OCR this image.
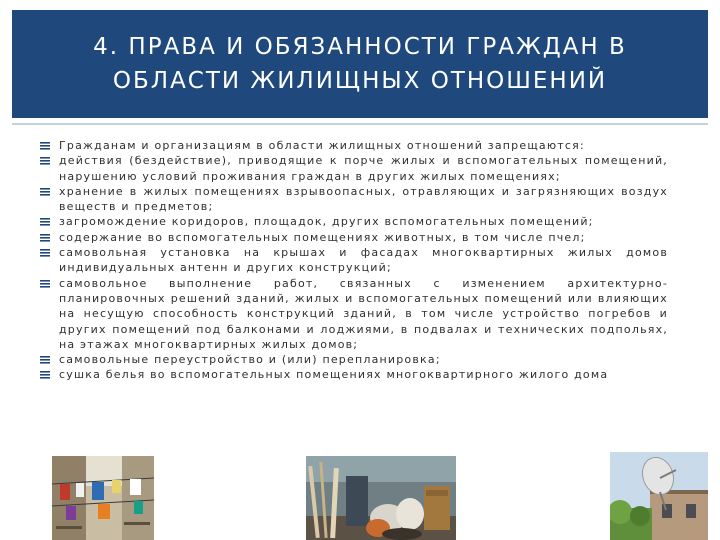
4. ПРАВА И ОБЯЗАННОСТИ ГРАЖДАН В
ОБЛАСТИ ЖИЛИЩНЫХ ОТНОШЕНИЙ
Гражданам и организациям в области жилищных отношений запрещаются:
действия (бездействие), приводящие к порче жилых и вспомогательных помещений, нарушению условий проживания граждан в других жилых помещениях;
хранение в жилых помещениях взрывоопасных, отравляющих и загрязняющих воздух веществ и предметов;
загромождение коридоров, площадок, других вспомогательных помещений;
содержание во вспомогательных помещениях животных, в том числе пчел;
самовольная установка на крышах и фасадах многоквартирных жилых домов индивидуальных антенн и других конструкций;
самовольное выполнение работ, связанных с изменением архитектурно-планировочных решений зданий, жилых и вспомогательных помещений или влияющих на несущую способность конструкций зданий, в том числе устройство погребов и других помещений под балконами и лоджиями, в подвалах и технических подпольях, на этажах многоквартирных жилых домов;
самовольные переустройство и (или) перепланировка;
сушка белья во вспомогательных помещениях многоквартирного жилого дома
